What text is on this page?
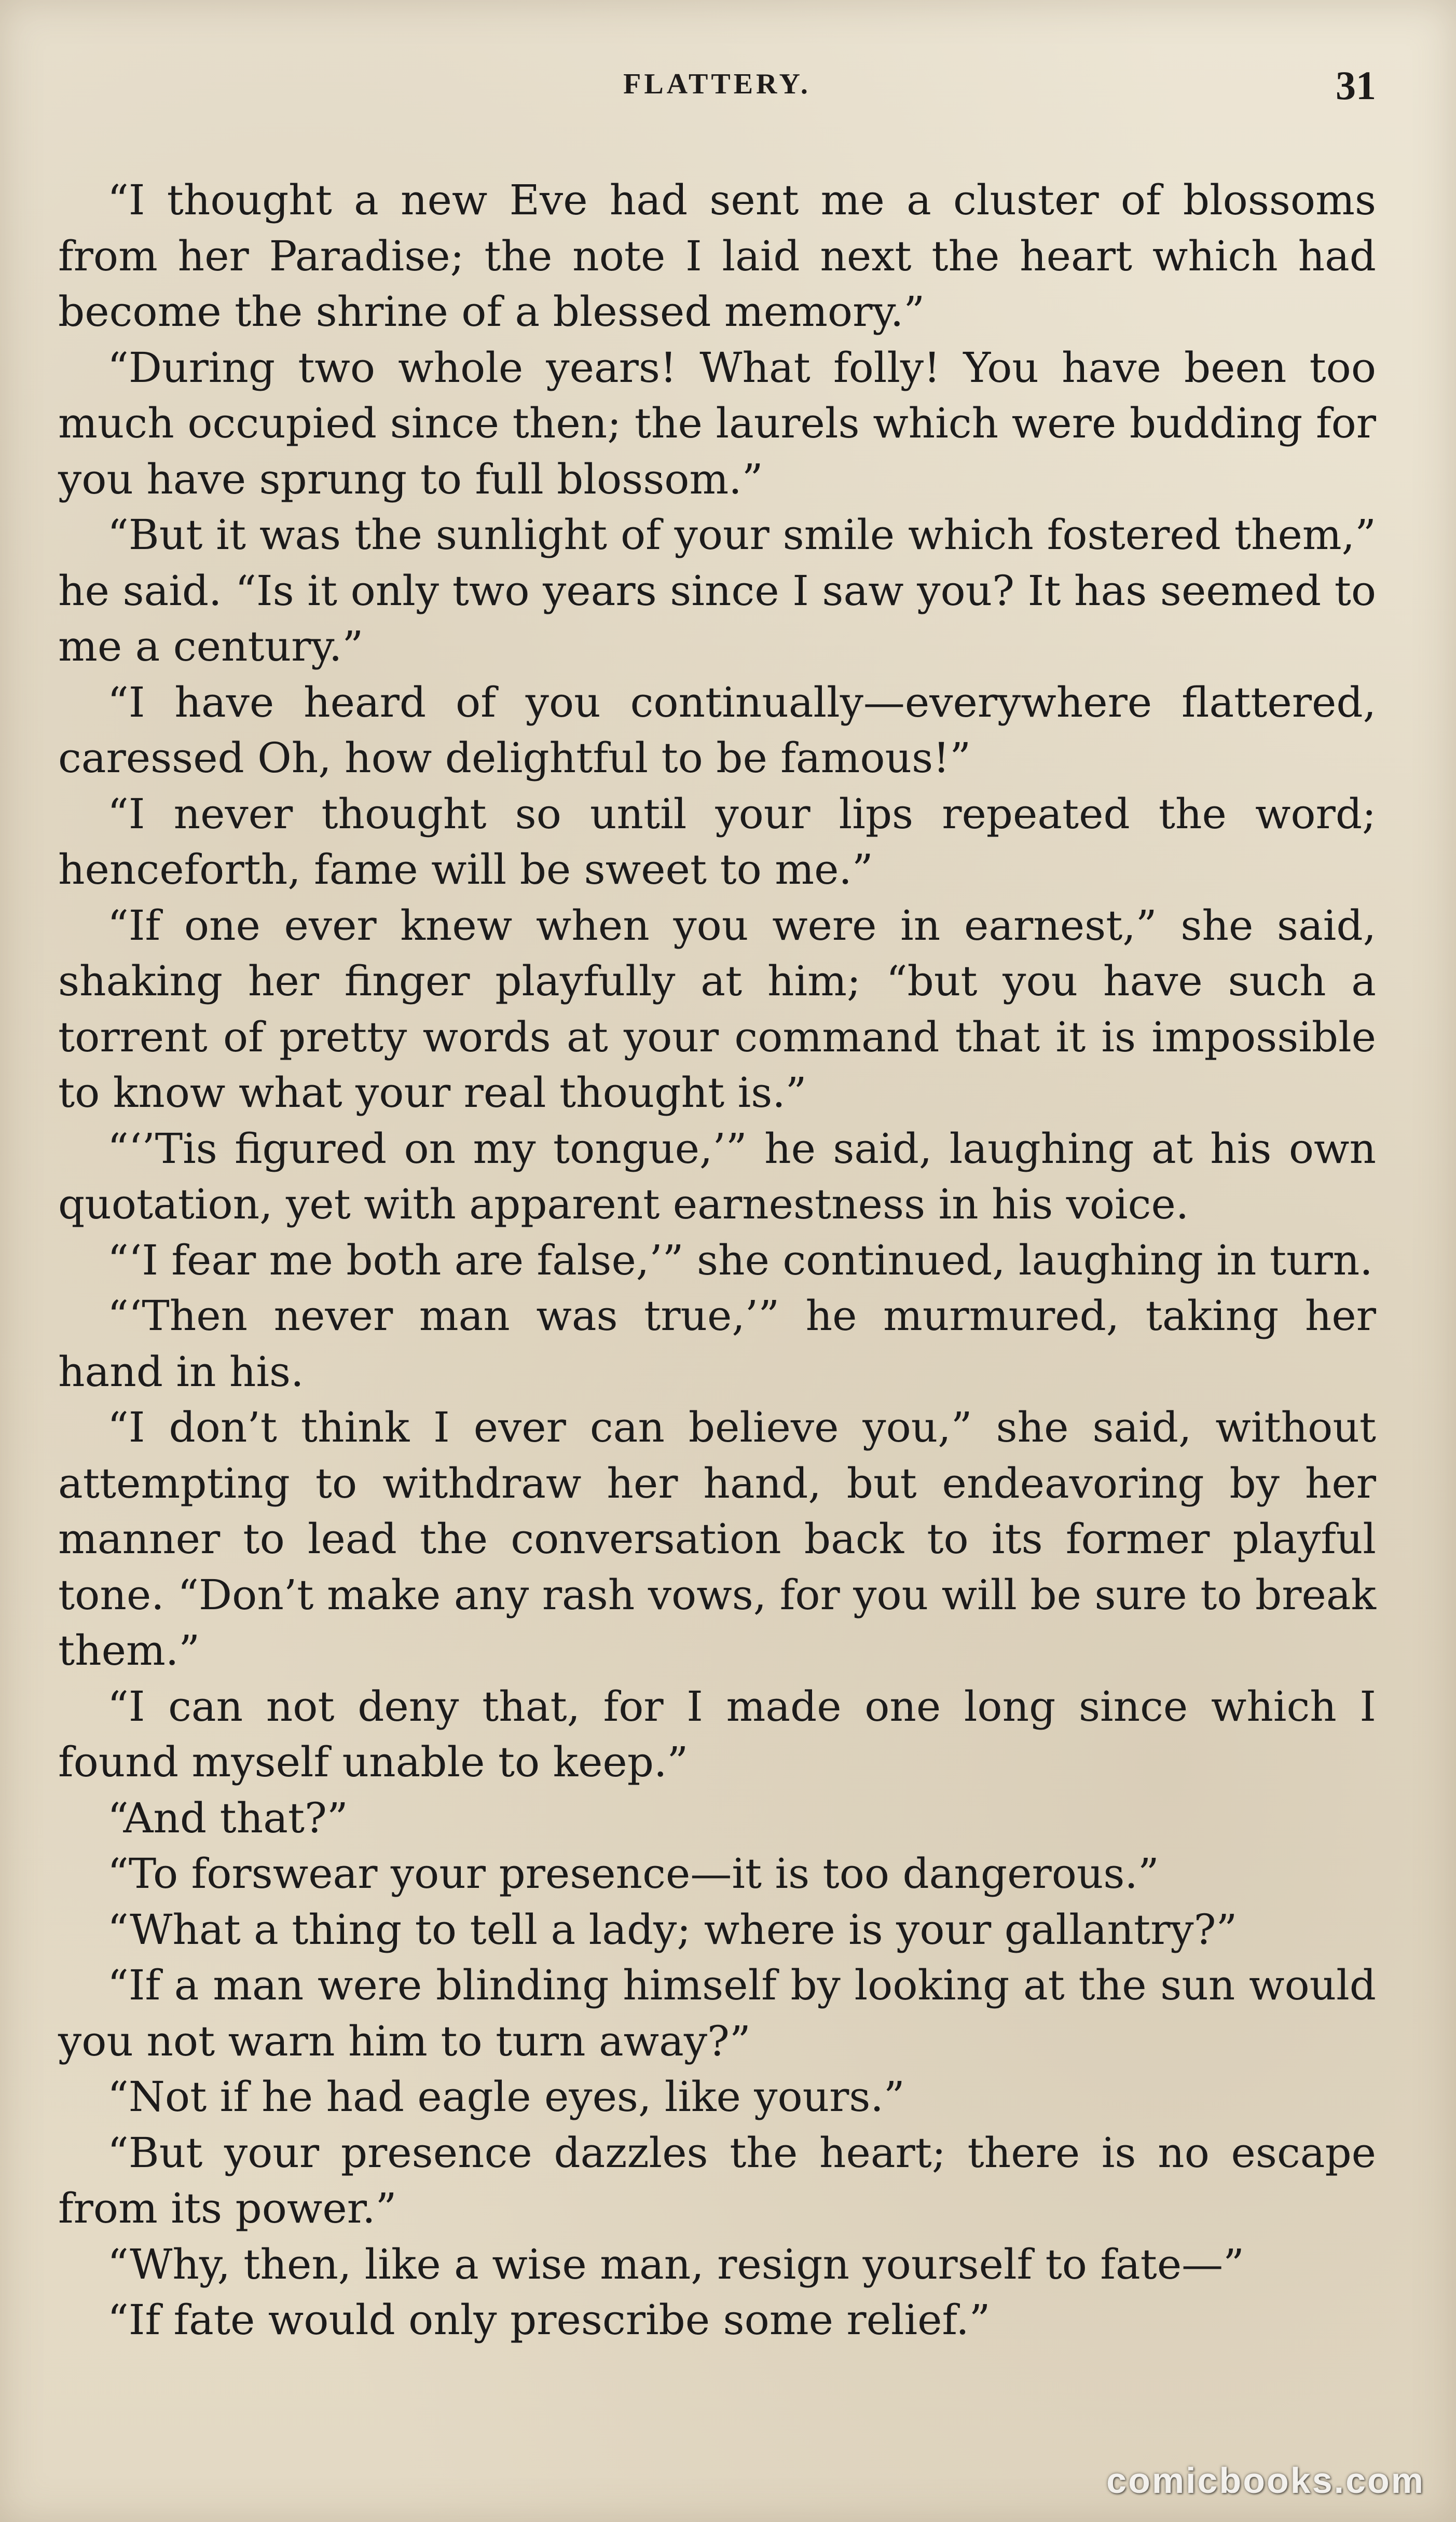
FLATTERY.	31

“I thought a new Eve had sent me a cluster of blossoms from her Paradise; the note I laid next the heart which had become the shrine of a blessed memory.”

“During two whole years! What folly! You have been too much occupied since then; the laurels which were budding for you have sprung to full blossom.”

“But it was the sunlight of your smile which fostered them,” he said. “Is it only two years since I saw you? It has seemed to me a century.”

“I have heard of you continually—everywhere flattered, caressed Oh, how delightful to be famous!”

“I never thought so until your lips repeated the word; henceforth, fame will be sweet to me.”

“If one ever knew when you were in earnest,” she said, shaking her finger playfully at him; “but you have such a torrent of pretty words at your command that it is impossible to know what your real thought is.”

“‘’Tis figured on my tongue,’” he said, laughing at his own quotation, yet with apparent earnestness in his voice.

“‘I fear me both are false,’” she continued, laughing in turn.

“‘Then never man was true,’” he murmured, taking her hand in his.

“I don’t think I ever can believe you,” she said, without attempting to withdraw her hand, but endeavoring by her manner to lead the conversation back to its former playful tone. “Don’t make any rash vows, for you will be sure to break them.”

“I can not deny that, for I made one long since which I found myself unable to keep.”

“And that?”

“To forswear your presence—it is too dangerous.”

“What a thing to tell a lady; where is your gallantry?”

“If a man were blinding himself by looking at the sun would you not warn him to turn away?”

“Not if he had eagle eyes, like yours.”

“But your presence dazzles the heart; there is no escape from its power.”

“Why, then, like a wise man, resign yourself to fate—”

“If fate would only prescribe some relief.”

comicbooks.com
